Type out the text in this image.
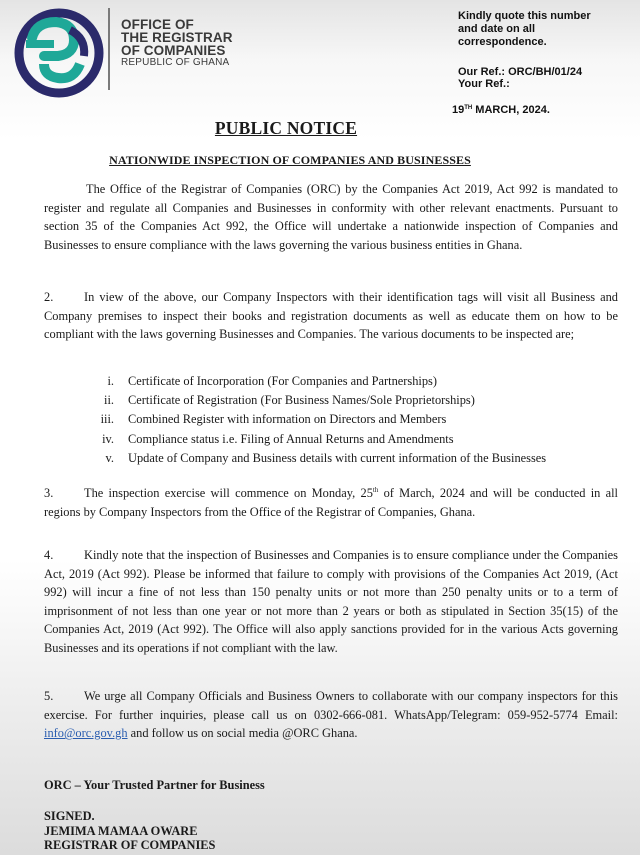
OFFICE OF
THE REGISTRAR
OF COMPANIES
REPUBLIC OF GHANA
Kindly quote this number
and date on all
correspondence.
Our Ref.: ORC/BH/01/24
Your Ref.:
19TH MARCH, 2024.
PUBLIC NOTICE
NATIONWIDE INSPECTION OF COMPANIES AND BUSINESSES
The Office of the Registrar of Companies (ORC) by the Companies Act 2019, Act 992 is mandated to register and regulate all Companies and Businesses in conformity with other relevant enactments. Pursuant to section 35 of the Companies Act 992, the Office will undertake a nationwide inspection of Companies and Businesses to ensure compliance with the laws governing the various business entities in Ghana.
2. In view of the above, our Company Inspectors with their identification tags will visit all Business and Company premises to inspect their books and registration documents as well as educate them on how to be compliant with the laws governing Businesses and Companies. The various documents to be inspected are;
i.	Certificate of Incorporation (For Companies and Partnerships)
ii.	Certificate of Registration (For Business Names/Sole Proprietorships)
iii.	Combined Register with information on Directors and Members
iv.	Compliance status i.e. Filing of Annual Returns and Amendments
v.	Update of Company and Business details with current information of the Businesses
3. The inspection exercise will commence on Monday, 25th of March, 2024 and will be conducted in all regions by Company Inspectors from the Office of the Registrar of Companies, Ghana.
4. Kindly note that the inspection of Businesses and Companies is to ensure compliance under the Companies Act, 2019 (Act 992). Please be informed that failure to comply with provisions of the Companies Act 2019, (Act 992) will incur a fine of not less than 150 penalty units or not more than 250 penalty units or to a term of imprisonment of not less than one year or not more than 2 years or both as stipulated in Section 35(15) of the Companies Act, 2019 (Act 992). The Office will also apply sanctions provided for in the various Acts governing Businesses and its operations if not compliant with the law.
5. We urge all Company Officials and Business Owners to collaborate with our company inspectors for this exercise. For further inquiries, please call us on 0302-666-081. WhatsApp/Telegram: 059-952-5774 Email: info@orc.gov.gh and follow us on social media @ORC Ghana.
ORC – Your Trusted Partner for Business
SIGNED.
JEMIMA MAMAA OWARE
REGISTRAR OF COMPANIES
